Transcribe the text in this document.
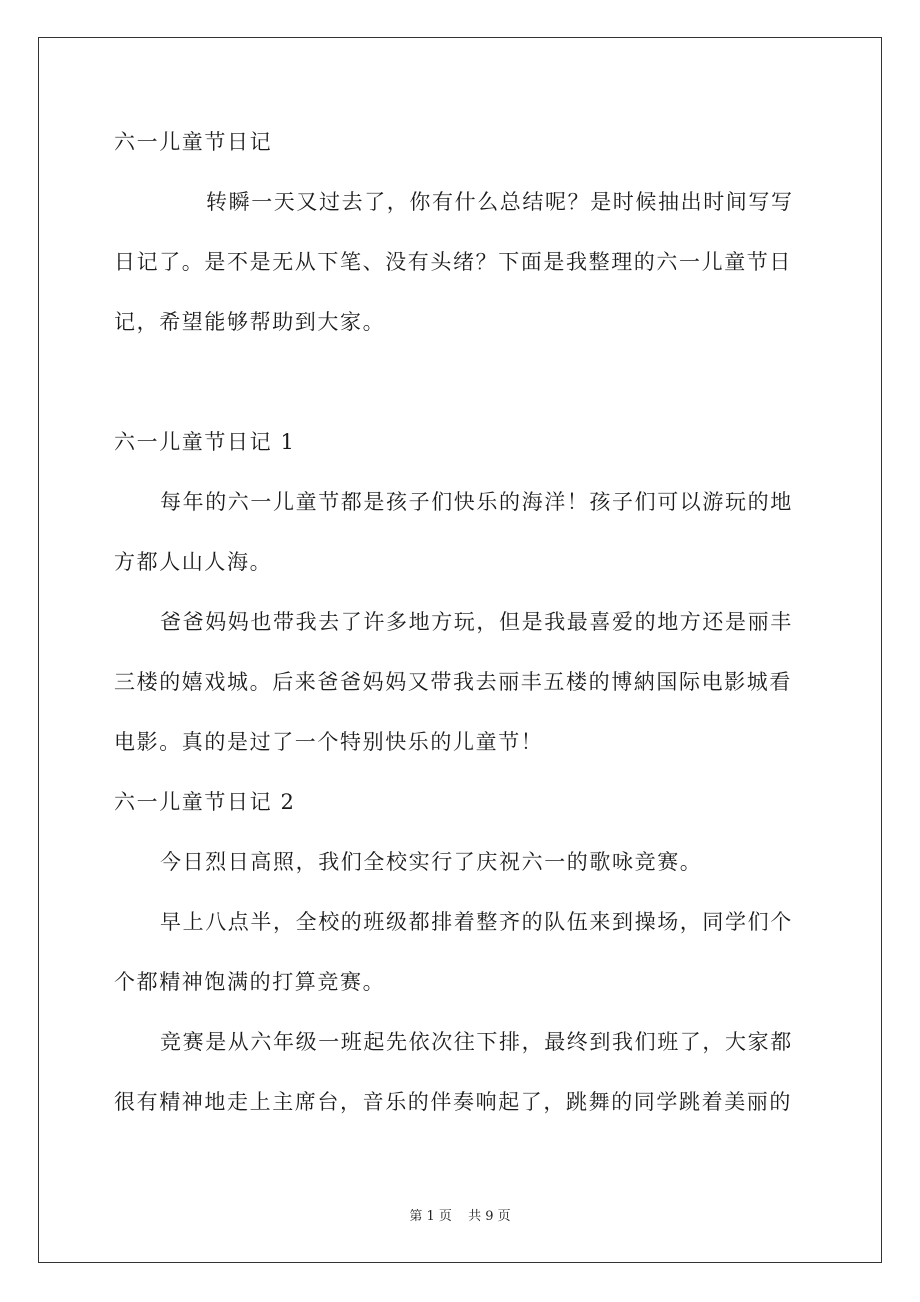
六一儿童节日记
转瞬一天又过去了，你有什么总结呢？是时候抽出时间写写
日记了。是不是无从下笔、没有头绪？下面是我整理的六一儿童节日
记，希望能够帮助到大家。
六一儿童节日记 1
每年的六一儿童节都是孩子们快乐的海洋！孩子们可以游玩的地
方都人山人海。
爸爸妈妈也带我去了许多地方玩，但是我最喜爱的地方还是丽丰
三楼的嬉戏城。后来爸爸妈妈又带我去丽丰五楼的博納国际电影城看
电影。真的是过了一个特别快乐的儿童节！
六一儿童节日记 2
今日烈日高照，我们全校实行了庆祝六一的歌咏竞赛。
早上八点半，全校的班级都排着整齐的队伍来到操场，同学们个
个都精神饱满的打算竞赛。
竞赛是从六年级一班起先依次往下排，最终到我们班了，大家都
很有精神地走上主席台，音乐的伴奏响起了，跳舞的同学跳着美丽的
第 1 页 共 9 页
